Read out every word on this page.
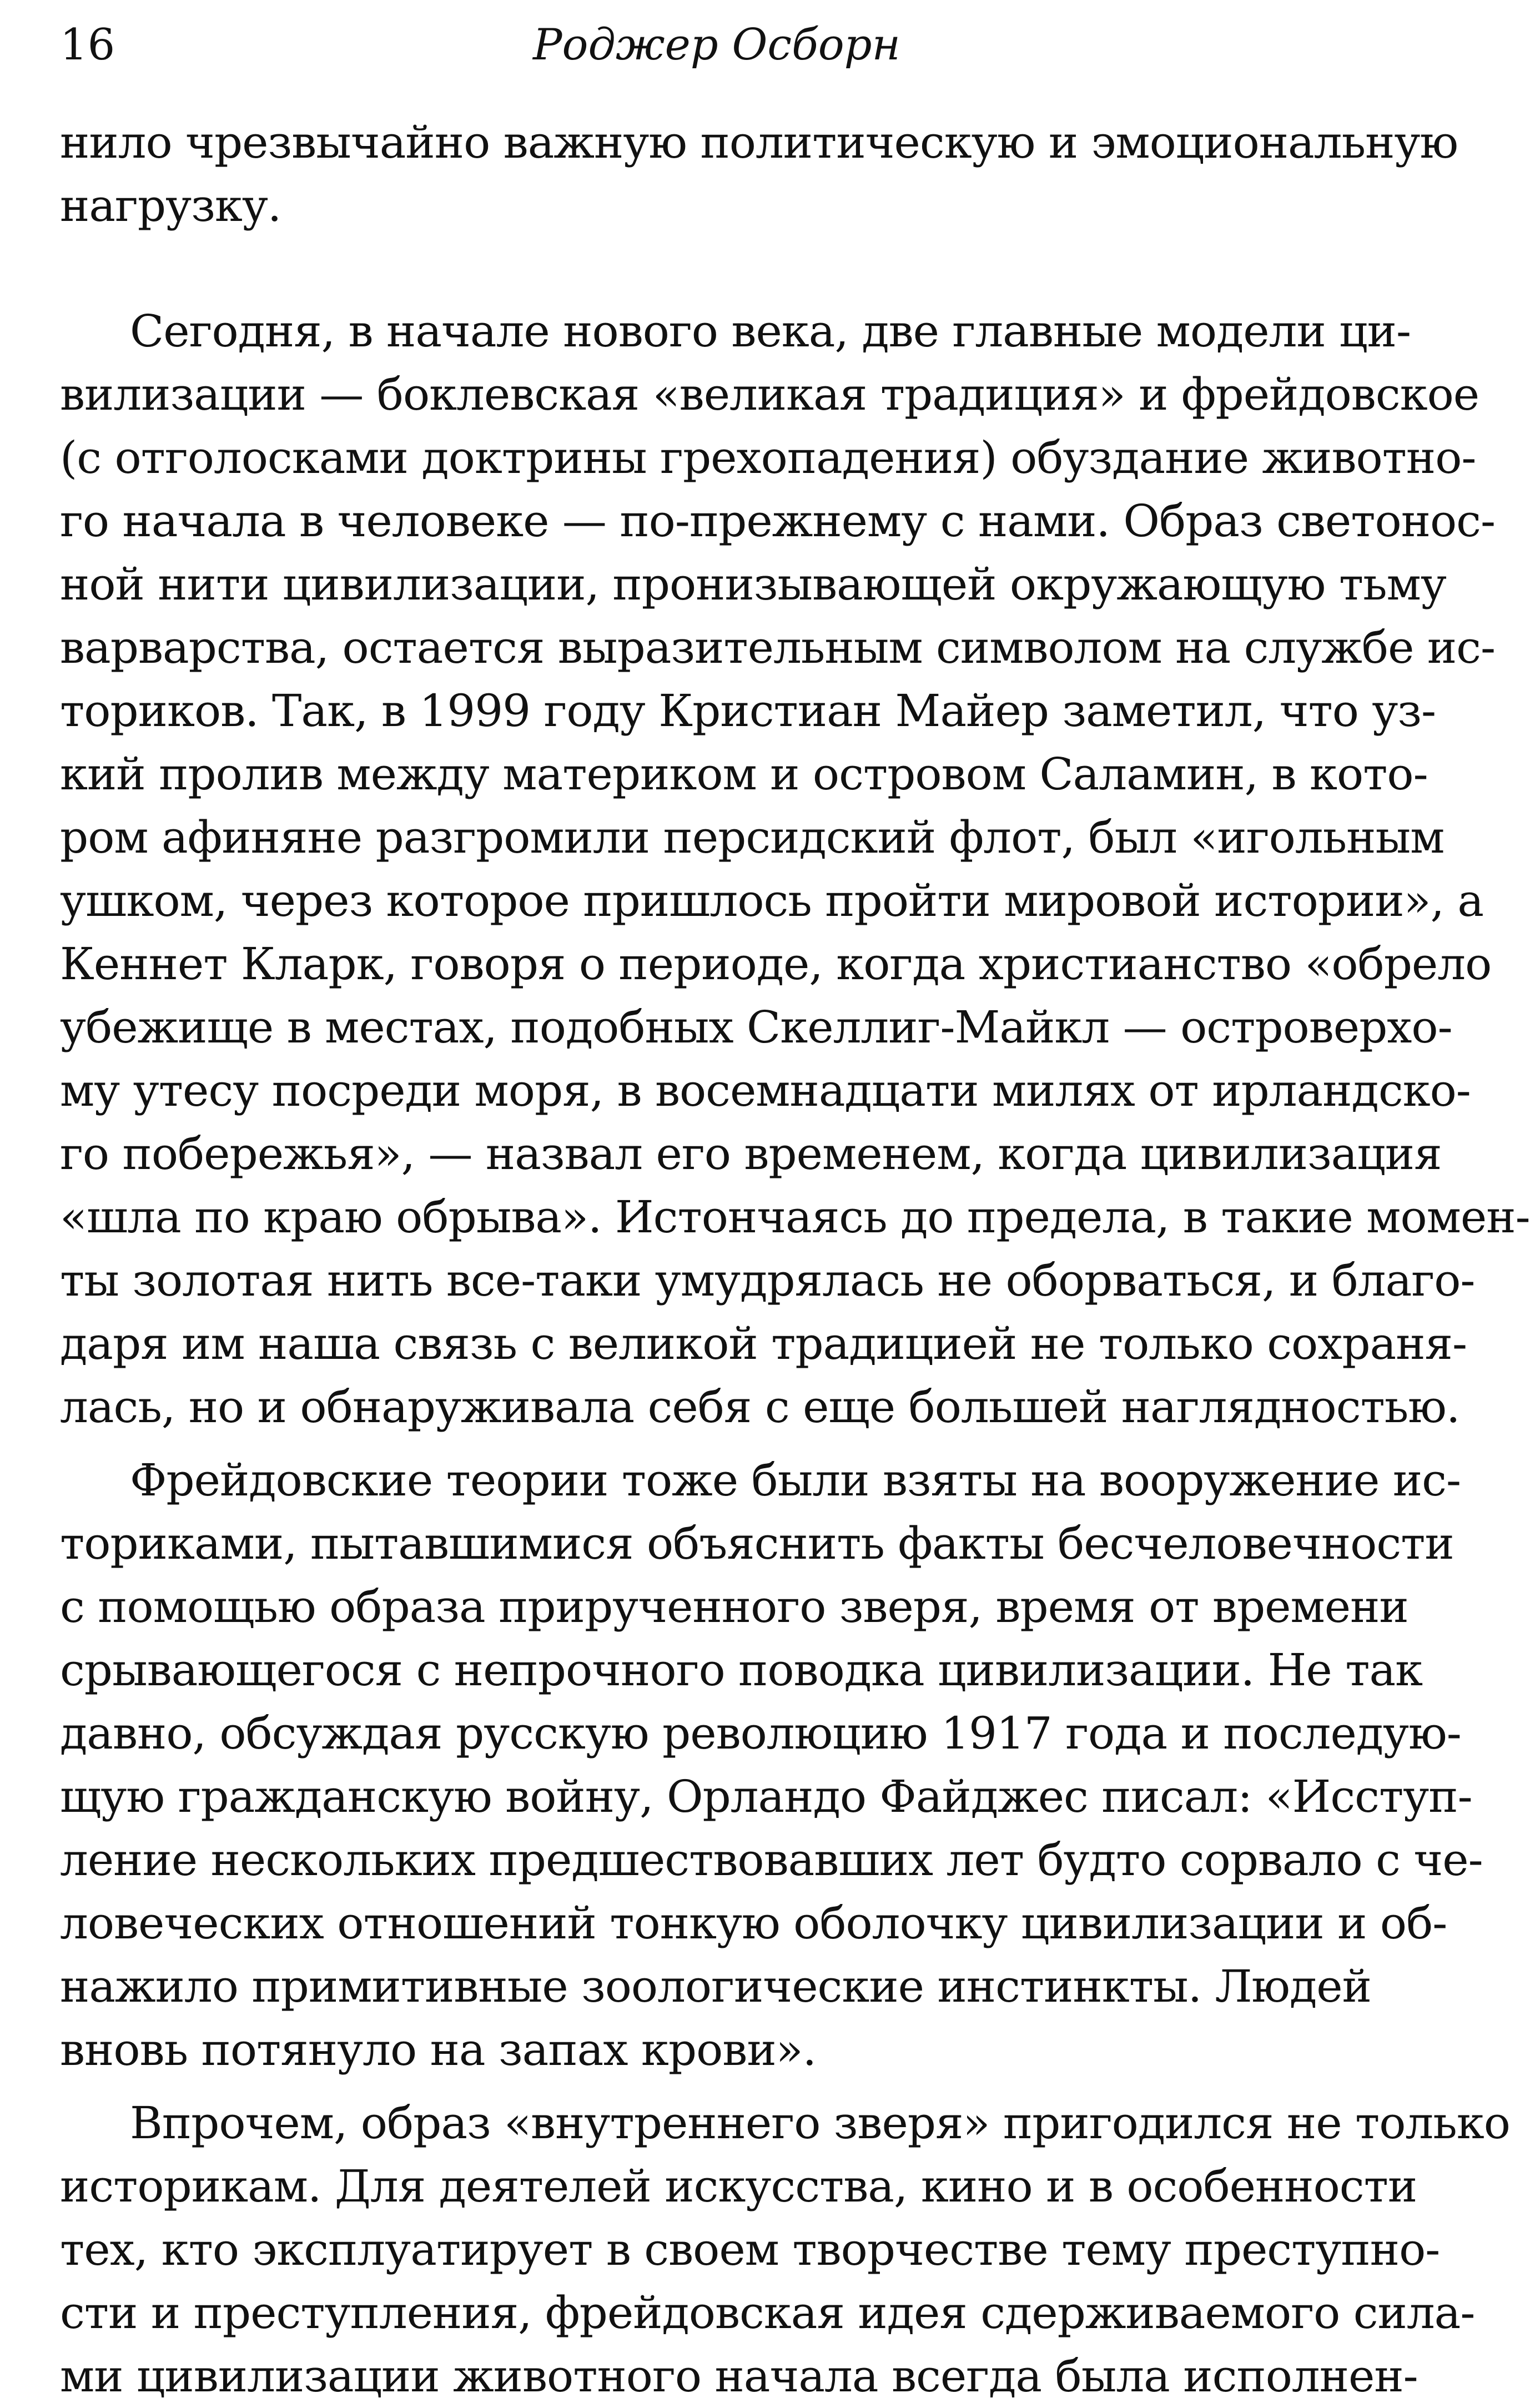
16	Роджер Осборн
нило чрезвычайно важную политическую и эмоциональную
нагрузку.
Сегодня, в начале нового века, две главные модели ци-
вилизации — боклевская «великая традиция» и фрейдовское
(с отголосками доктрины грехопадения) обуздание животно-
го начала в человеке — по-прежнему с нами. Образ светонос-
ной нити цивилизации, пронизывающей окружающую тьму
варварства, остается выразительным символом на службе ис-
ториков. Так, в 1999 году Кристиан Майер заметил, что уз-
кий пролив между материком и островом Саламин, в кото-
ром афиняне разгромили персидский флот, был «игольным
ушком, через которое пришлось пройти мировой истории», а
Кеннет Кларк, говоря о периоде, когда христианство «обрело
убежище в местах, подобных Скеллиг-Майкл — островерхо-
му утесу посреди моря, в восемнадцати милях от ирландско-
го побережья», — назвал его временем, когда цивилизация
«шла по краю обрыва». Истончаясь до предела, в такие момен-
ты золотая нить все-таки умудрялась не оборваться, и благо-
даря им наша связь с великой традицией не только сохраня-
лась, но и обнаруживала себя с еще большей наглядностью.
Фрейдовские теории тоже были взяты на вооружение ис-
ториками, пытавшимися объяснить факты бесчеловечности
с помощью образа прирученного зверя, время от времени
срывающегося с непрочного поводка цивилизации. Не так
давно, обсуждая русскую революцию 1917 года и последую-
щую гражданскую войну, Орландо Файджес писал: «Исступ-
ление нескольких предшествовавших лет будто сорвало с че-
ловеческих отношений тонкую оболочку цивилизации и об-
нажило примитивные зоологические инстинкты. Людей
вновь потянуло на запах крови».
Впрочем, образ «внутреннего зверя» пригодился не только
историкам. Для деятелей искусства, кино и в особенности
тех, кто эксплуатирует в своем творчестве тему преступно-
сти и преступления, фрейдовская идея сдерживаемого сила-
ми цивилизации животного начала всегда была исполнен-
